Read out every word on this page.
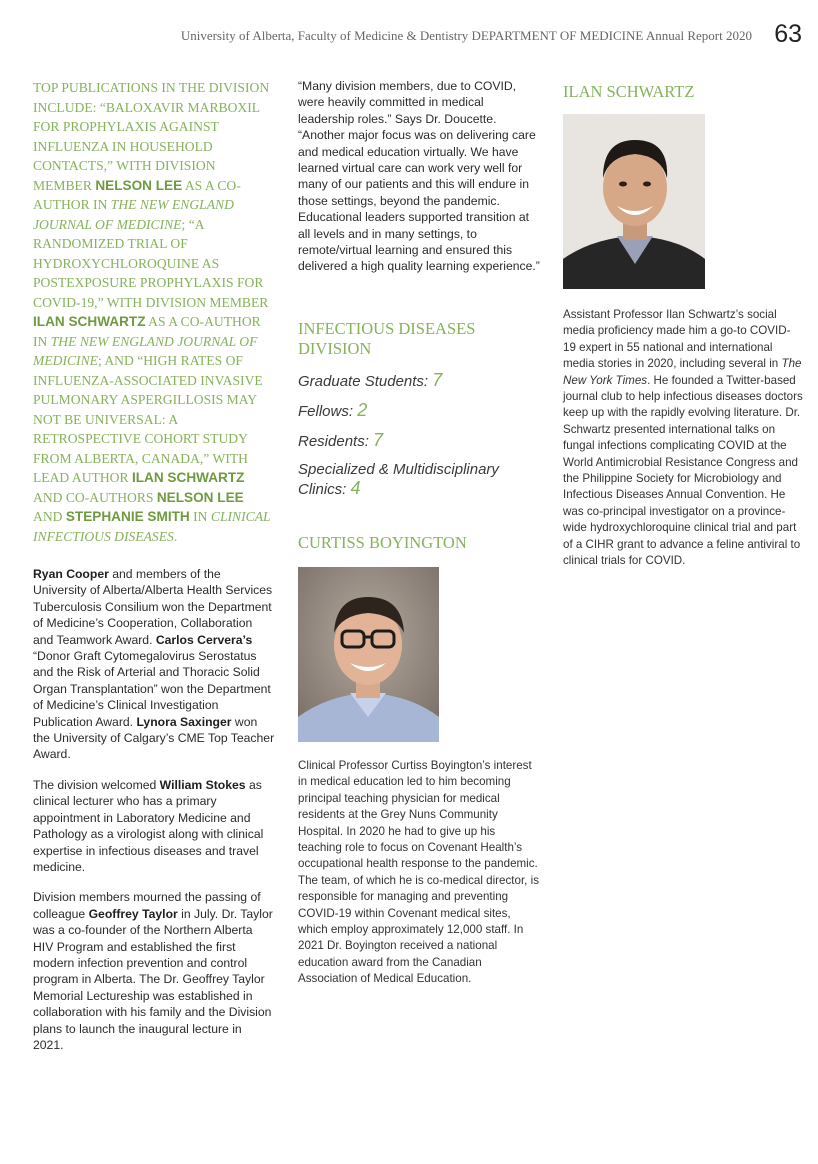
University of Alberta, Faculty of Medicine & Dentistry DEPARTMENT OF MEDICINE Annual Report 2020 63

TOP PUBLICATIONS IN THE DIVISION INCLUDE: “BALOXAVIR MARBOXIL FOR PROPHYLAXIS AGAINST INFLUENZA IN HOUSEHOLD CONTACTS,” WITH DIVISION MEMBER NELSON LEE AS A CO-AUTHOR IN THE NEW ENGLAND JOURNAL OF MEDICINE; “A RANDOMIZED TRIAL OF HYDROXYCHLOROQUINE AS POSTEXPOSURE PROPHYLAXIS FOR COVID-19,” WITH DIVISION MEMBER ILAN SCHWARTZ AS A CO-AUTHOR IN THE NEW ENGLAND JOURNAL OF MEDICINE; AND “HIGH RATES OF INFLUENZA-ASSOCIATED INVASIVE PULMONARY ASPERGILLOSIS MAY NOT BE UNIVERSAL: A RETROSPECTIVE COHORT STUDY FROM ALBERTA, CANADA,” WITH LEAD AUTHOR ILAN SCHWARTZ AND CO-AUTHORS NELSON LEE AND STEPHANIE SMITH IN CLINICAL INFECTIOUS DISEASES.

Ryan Cooper and members of the University of Alberta/Alberta Health Services Tuberculosis Consilium won the Department of Medicine’s Cooperation, Collaboration and Teamwork Award. Carlos Cervera’s “Donor Graft Cytomegalovirus Serostatus and the Risk of Arterial and Thoracic Solid Organ Transplantation” won the Department of Medicine’s Clinical Investigation Publication Award. Lynora Saxinger won the University of Calgary’s CME Top Teacher Award.

The division welcomed William Stokes as clinical lecturer who has a primary appointment in Laboratory Medicine and Pathology as a virologist along with clinical expertise in infectious diseases and travel medicine.

Division members mourned the passing of colleague Geoffrey Taylor in July. Dr. Taylor was a co-founder of the Northern Alberta HIV Program and established the first modern infection prevention and control program in Alberta. The Dr. Geoffrey Taylor Memorial Lectureship was established in collaboration with his family and the Division plans to launch the inaugural lecture in 2021.

“Many division members, due to COVID, were heavily committed in medical leadership roles.” Says Dr. Doucette. “Another major focus was on delivering care and medical education virtually. We have learned virtual care can work very well for many of our patients and this will endure in those settings, beyond the pandemic. Educational leaders supported transition at all levels and in many settings, to remote/virtual learning and ensured this delivered a high quality learning experience.”

INFECTIOUS DISEASES DIVISION

Graduate Students: 7

Fellows: 2

Residents: 7

Specialized & Multidisciplinary Clinics: 4

CURTISS BOYINGTON

Clinical Professor Curtiss Boyington’s interest in medical education led to him becoming principal teaching physician for medical residents at the Grey Nuns Community Hospital. In 2020 he had to give up his teaching role to focus on Covenant Health’s occupational health response to the pandemic. The team, of which he is co-medical director, is responsible for managing and preventing COVID-19 within Covenant medical sites, which employ approximately 12,000 staff. In 2021 Dr. Boyington received a national education award from the Canadian Association of Medical Education.

ILAN SCHWARTZ

Assistant Professor Ilan Schwartz’s social media proficiency made him a go-to COVID-19 expert in 55 national and international media stories in 2020, including several in The New York Times. He founded a Twitter-based journal club to help infectious diseases doctors keep up with the rapidly evolving literature. Dr. Schwartz presented international talks on fungal infections complicating COVID at the World Antimicrobial Resistance Congress and the Philippine Society for Microbiology and Infectious Diseases Annual Convention. He was co-principal investigator on a province-wide hydroxychloroquine clinical trial and part of a CIHR grant to advance a feline antiviral to clinical trials for COVID.
